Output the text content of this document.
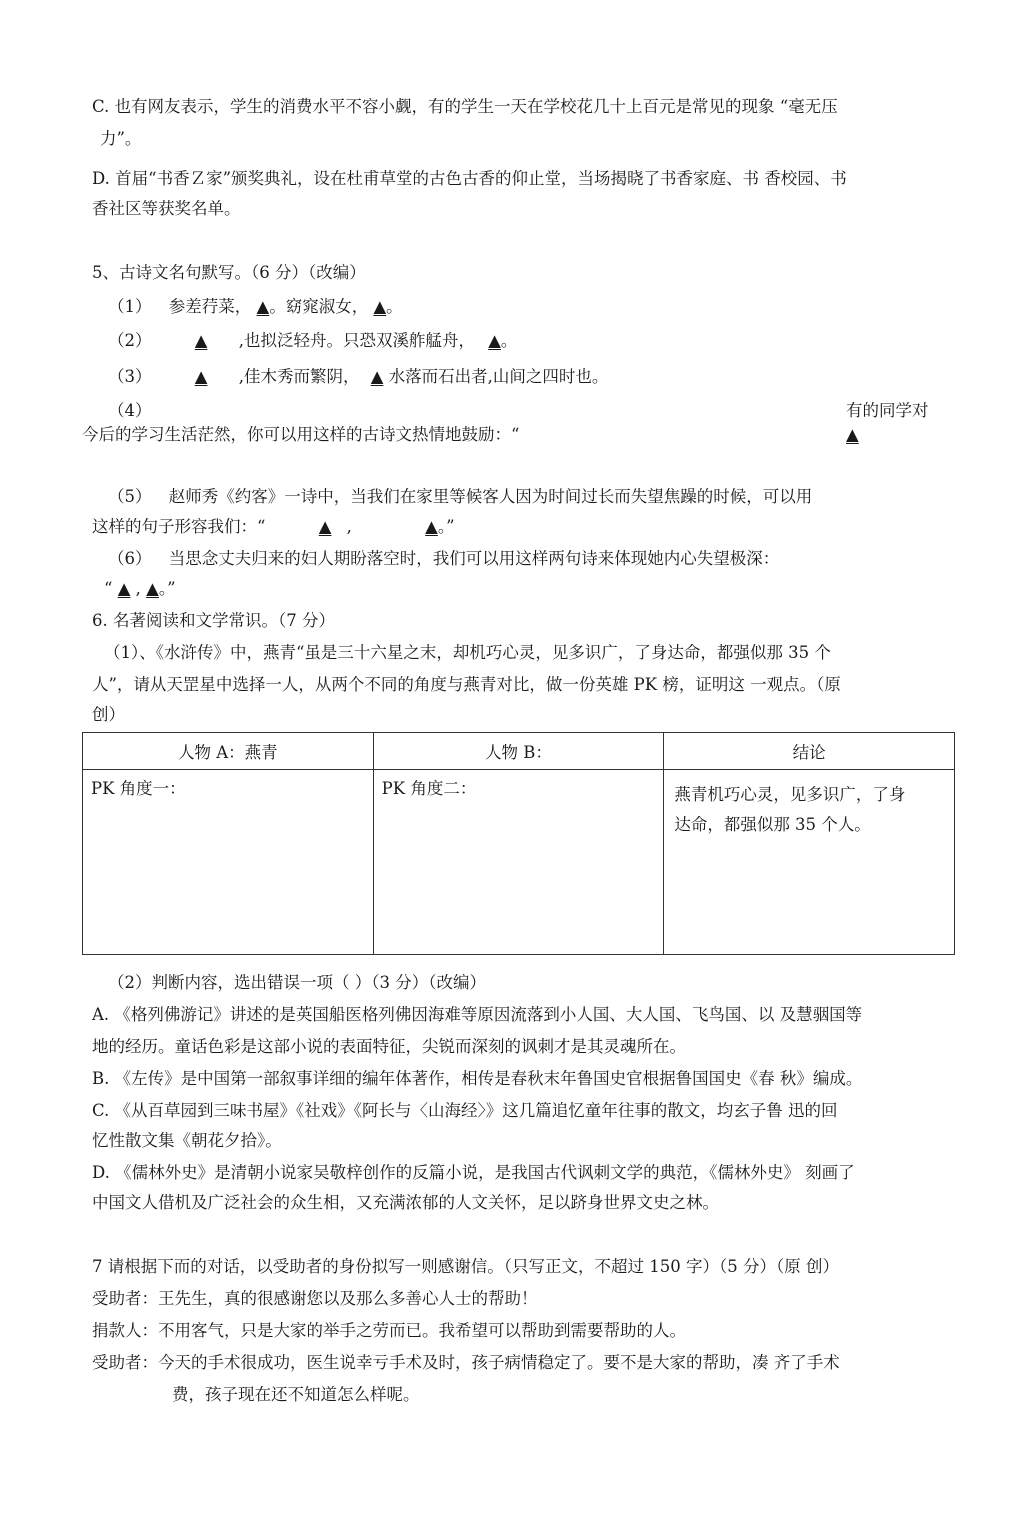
C. 也有网友表示，学生的消费水平不容小觑，有的学生一天在学校花几十上百元是常见的现象 “毫无压
力”。
D. 首届“书香Ｚ家”颁奖典礼，设在杜甫草堂的古色古香的仰止堂，当场揭晓了书香家庭、书 香校园、书
香社区等获奖名单。
5、古诗文名句默写。（6 分）（改编）
（1） 参差荇菜， ▲。窈窕淑女， ▲。
（2）	▲ ,也拟泛轻舟。只恐双溪舴艋舟， ▲。
（3）	▲ ,佳木秀而繁阴， ▲ 水落而石出者,山间之四时也。
（4）	有的同学对
今后的学习生活茫然，你可以用这样的古诗文热情地鼓励：“	▲
（5） 赵师秀《约客》一诗中，当我们在家里等候客人因为时间过长而失望焦躁的时候，可以用
这样的句子形容我们：“	▲ ,	▲。”
（6） 当思念丈夫归来的妇人期盼落空时，我们可以用这样两句诗来体现她内心失望极深：
“ ▲ , ▲。”
6. 名著阅读和文学常识。（7 分）
（1）、《水浒传》中，燕青“虽是三十六星之末，却机巧心灵，见多识广，了身达命，都强似那 35 个
人”，请从天罡星中选择一人，从两个不同的角度与燕青对比，做一份英雄 PK 榜，证明这 一观点。（原
创）
人物 A：燕青	人物 B：	结论
PK 角度一：	PK 角度二：	燕青机巧心灵，见多识广，了身
达命，都强似那 35 个人。
（2）判断内容，选出错误一项（ ）（3 分）（改编）
A. 《格列佛游记》讲述的是英国船医格列佛因海难等原因流落到小人国、大人国、飞鸟国、以 及慧骃国等
地的经历。童话色彩是这部小说的表面特征，尖锐而深刻的讽刺才是其灵魂所在。
B. 《左传》是中国第一部叙事详细的编年体著作，相传是春秋末年鲁国史官根据鲁国国史《春 秋》编成。
C. 《从百草园到三味书屋》《社戏》《阿长与〈山海经〉》这几篇追忆童年往事的散文，均玄子鲁 迅的回
忆性散文集《朝花夕拾》。
D. 《儒林外史》是清朝小说家吴敬梓创作的反篇小说，是我国古代讽刺文学的典范，《儒林外史》 刻画了
中国文人借机及广泛社会的众生相，又充满浓郁的人文关怀，足以跻身世界文史之林。
7 请根据下而的对话，以受助者的身份拟写一则感谢信。（只写正文，不超过 150 字）（5 分）（原 创）
受助者：王先生，真的很感谢您以及那么多善心人士的帮助！
捐款人：不用客气，只是大家的举手之劳而已。我希望可以帮助到需要帮助的人。
受助者：今天的手术很成功，医生说幸亏手术及时，孩子病情稳定了。要不是大家的帮助，凑 齐了手术
费，孩子现在还不知道怎么样呢。
